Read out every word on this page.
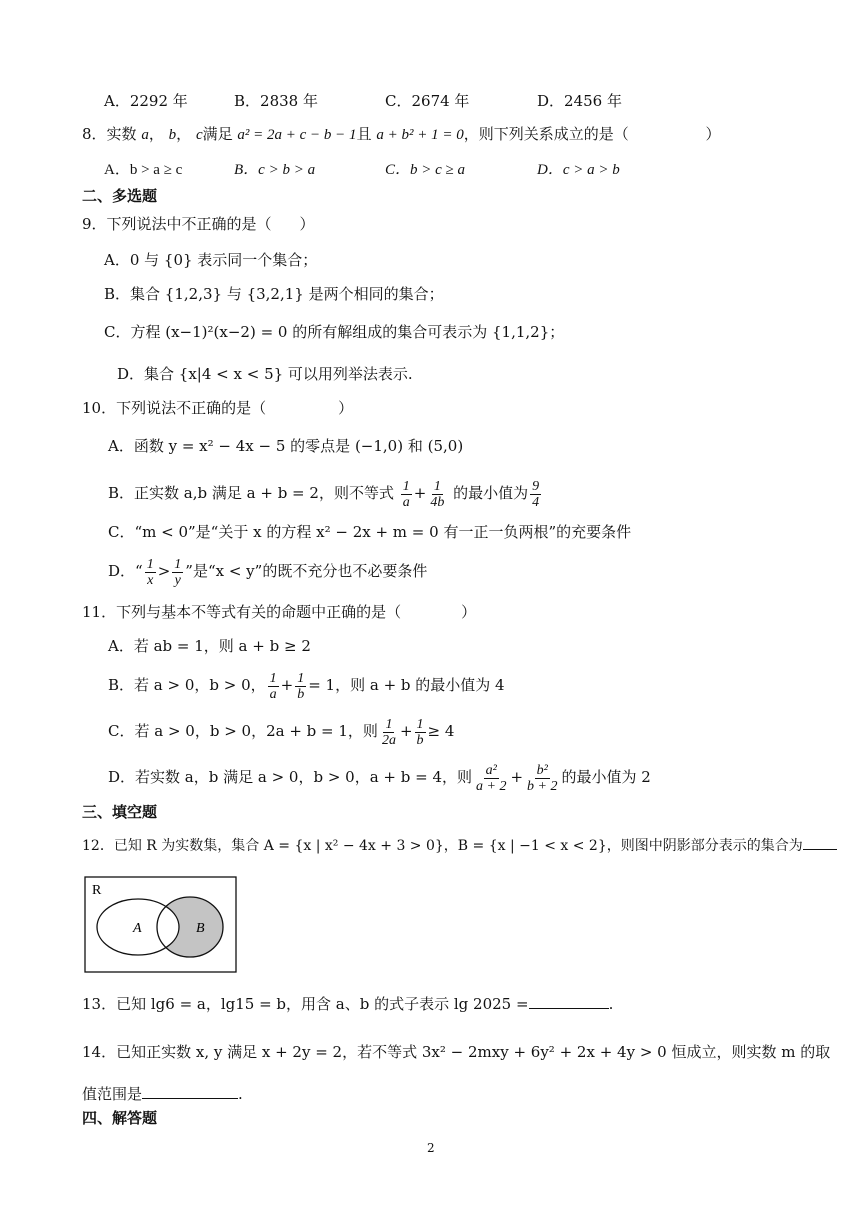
A．2292 年	B．2838 年	C．2674 年	D．2456 年
8．实数 a， b， c满足 a² = 2a + c − b − 1且 a + b² + 1 = 0，则下列关系成立的是（	）
A．b > a ≥ c	B．c > b > a	C．b > c ≥ a	D．c > a > b
二、多选题
9．下列说法中不正确的是（ ）
A．0 与 {0} 表示同一个集合；
B．集合 {1,2,3} 与 {3,2,1} 是两个相同的集合；
C．方程 (x−1)²(x−2) = 0 的所有解组成的集合可表示为 {1,1,2}；
D．集合 {x|4 < x < 5} 可以用列举法表示.
10．下列说法不正确的是（	）
A．函数 y = x² − 4x − 5 的零点是 (−1,0) 和 (5,0)
B．正实数 a,b 满足 a + b = 2，则不等式 $\frac{1}{a} + \frac{1}{4b}$ 的最小值为 $\frac{9}{4}$
C．“m < 0”是“关于 x 的方程 x² − 2x + m = 0 有一正一负两根”的充要条件
D．“ $\frac{1}{x} > \frac{1}{y}$ ”是“x < y”的既不充分也不必要条件
11．下列与基本不等式有关的命题中正确的是（	）
A．若 ab = 1，则 a + b ≥ 2
B．若 a > 0，b > 0， $\frac{1}{a} + \frac{1}{b} = 1$，则 a + b 的最小值为 4
C．若 a > 0，b > 0，2a + b = 1，则 $\frac{1}{2a} + \frac{1}{b} \ge 4$
D．若实数 a，b 满足 a > 0，b > 0，a + b = 4，则 $\frac{\text{a²}}{a + 2} + \frac{\text{b²}}{b + 2}$ 的最小值为 2
三、填空题
12．已知 R 为实数集，集合 A = {x | x² − 4x + 3 > 0}，B = {x | −1 < x < 2}，则图中阴影部分表示的集合为
R
A	B
13．已知 lg6 = a，lg15 = b，用含 a、b 的式子表示 lg 2025 =	.
14．已知正实数 x, y 满足 x + 2y = 2，若不等式 3x² − 2mxy + 6y² + 2x + 4y > 0 恒成立，则实数 m 的取
值范围是	.
四、解答题
2
